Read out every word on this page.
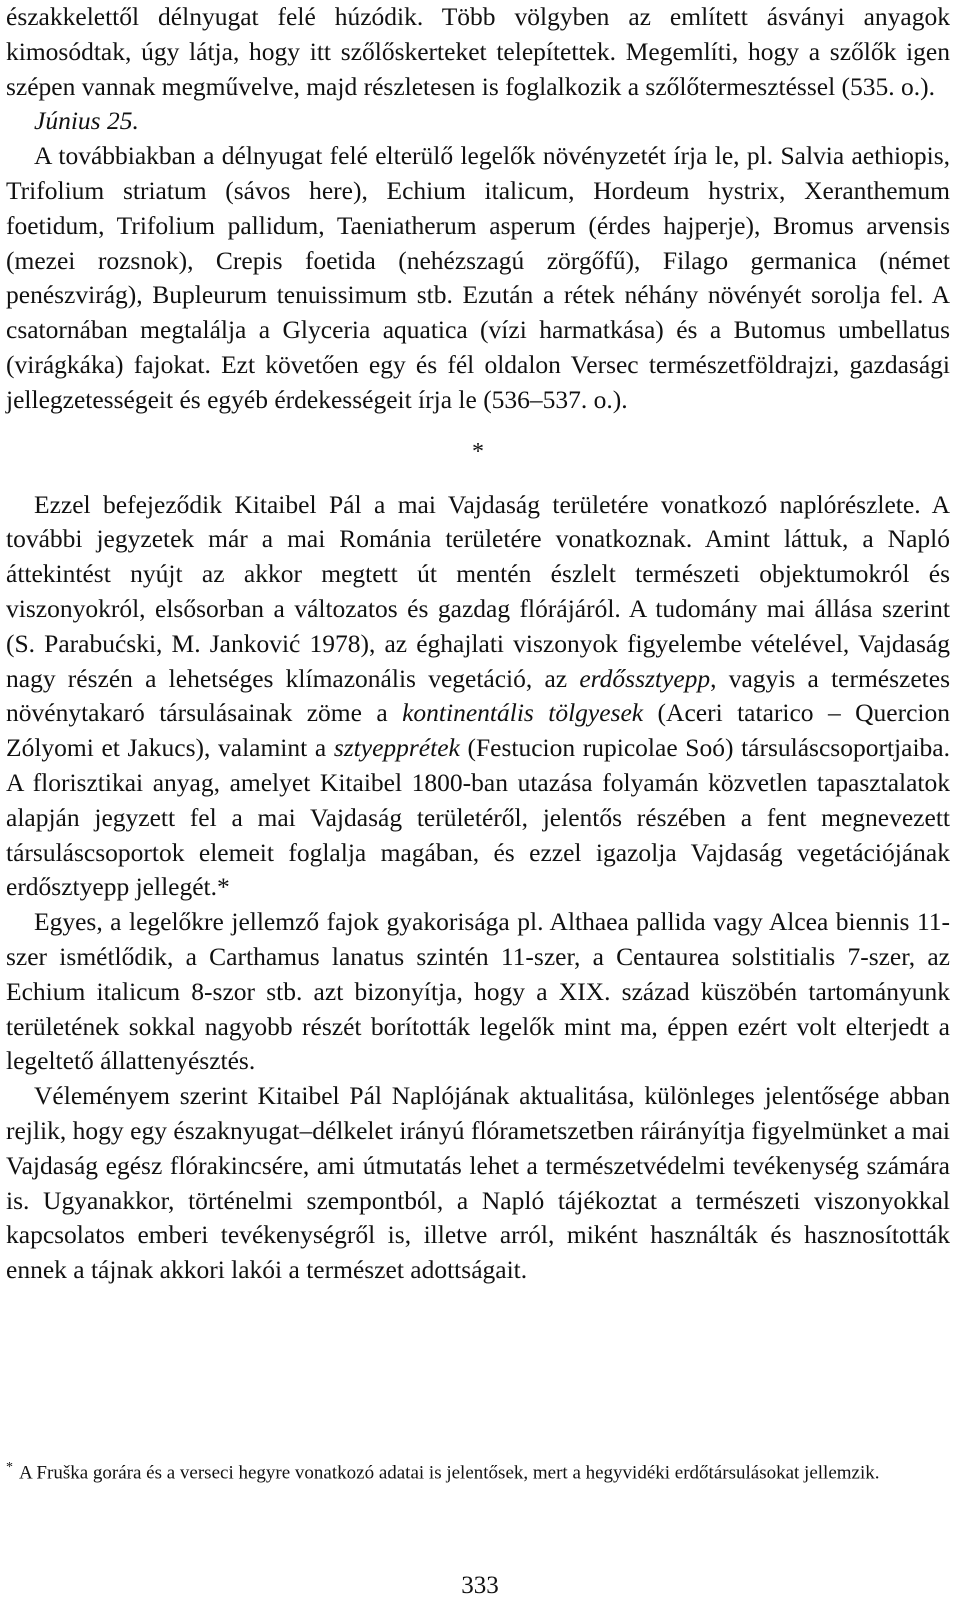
északkelettől délnyugat felé húzódik. Több völgyben az említett ásványi anyagok kimosódtak, úgy látja, hogy itt szőlőskerteket telepítettek. Megemlíti, hogy a szőlők igen szépen vannak megművelve, majd részletesen is foglalkozik a szőlőtermesztéssel (535. o.).

Június 25.

A továbbiakban a délnyugat felé elterülő legelők növényzetét írja le, pl. Salvia aethiopis, Trifolium striatum (sávos here), Echium italicum, Hordeum hystrix, Xeranthemum foetidum, Trifolium pallidum, Taeniatherum asperum (érdes hajperje), Bromus arvensis (mezei rozsnok), Crepis foetida (nehézszagú zörgőfű), Filago germanica (német penészvirág), Bupleurum tenuissimum stb. Ezután a rétek néhány növényét sorolja fel. A csatornában megtalálja a Glyceria aquatica (vízi harmatkása) és a Butomus umbellatus (virágkáka) fajokat. Ezt követően egy és fél oldalon Versec természetföldrajzi, gazdasági jellegzetességeit és egyéb érdekességeit írja le (536–537. o.).

*

Ezzel befejeződik Kitaibel Pál a mai Vajdaság területére vonatkozó naplórészlete. A további jegyzetek már a mai Románia területére vonatkoznak. Amint láttuk, a Napló áttekintést nyújt az akkor megtett út mentén észlelt természeti objektumokról és viszonyokról, elsősorban a változatos és gazdag flórájáról. A tudomány mai állása szerint (S. Parabućski, M. Janković 1978), az éghajlati viszonyok figyelembe vételével, Vajdaság nagy részén a lehetséges klímazonális vegetáció, az erdőssztyepp, vagyis a természetes növénytakaró társulásainak zöme a kontinentális tölgyesek (Aceri tatarico – Quercion Zólyomi et Jakucs), valamint a sztyepprétek (Festucion rupicolae Soó) társuláscsoportjaiba. A florisztikai anyag, amelyet Kitaibel 1800-ban utazása folyamán közvetlen tapasztalatok alapján jegyzett fel a mai Vajdaság területéről, jelentős részében a fent megnevezett társuláscsoportok elemeit foglalja magában, és ezzel igazolja Vajdaság vegetációjának erdősztyepp jellegét.*

Egyes, a legelőkre jellemző fajok gyakorisága pl. Althaea pallida vagy Alcea biennis 11-szer ismétlődik, a Carthamus lanatus szintén 11-szer, a Centaurea solstitialis 7-szer, az Echium italicum 8-szor stb. azt bizonyítja, hogy a XIX. század küszöbén tartományunk területének sokkal nagyobb részét borították legelők mint ma, éppen ezért volt elterjedt a legeltető állattenyésztés.

Véleményem szerint Kitaibel Pál Naplójának aktualitása, különleges jelentősége abban rejlik, hogy egy északnyugat–délkelet irányú flórametszetben ráirányítja figyelmünket a mai Vajdaság egész flórakincsére, ami útmutatás lehet a természetvédelmi tevékenység számára is. Ugyanakkor, történelmi szempontból, a Napló tájékoztat a természeti viszonyokkal kapcsolatos emberi tevékenységről is, illetve arról, miként használták és hasznosították ennek a tájnak akkori lakói a természet adottságait.

* A Fruška gorára és a verseci hegyre vonatkozó adatai is jelentősek, mert a hegyvidéki erdőtársulásokat jellemzik.

333
